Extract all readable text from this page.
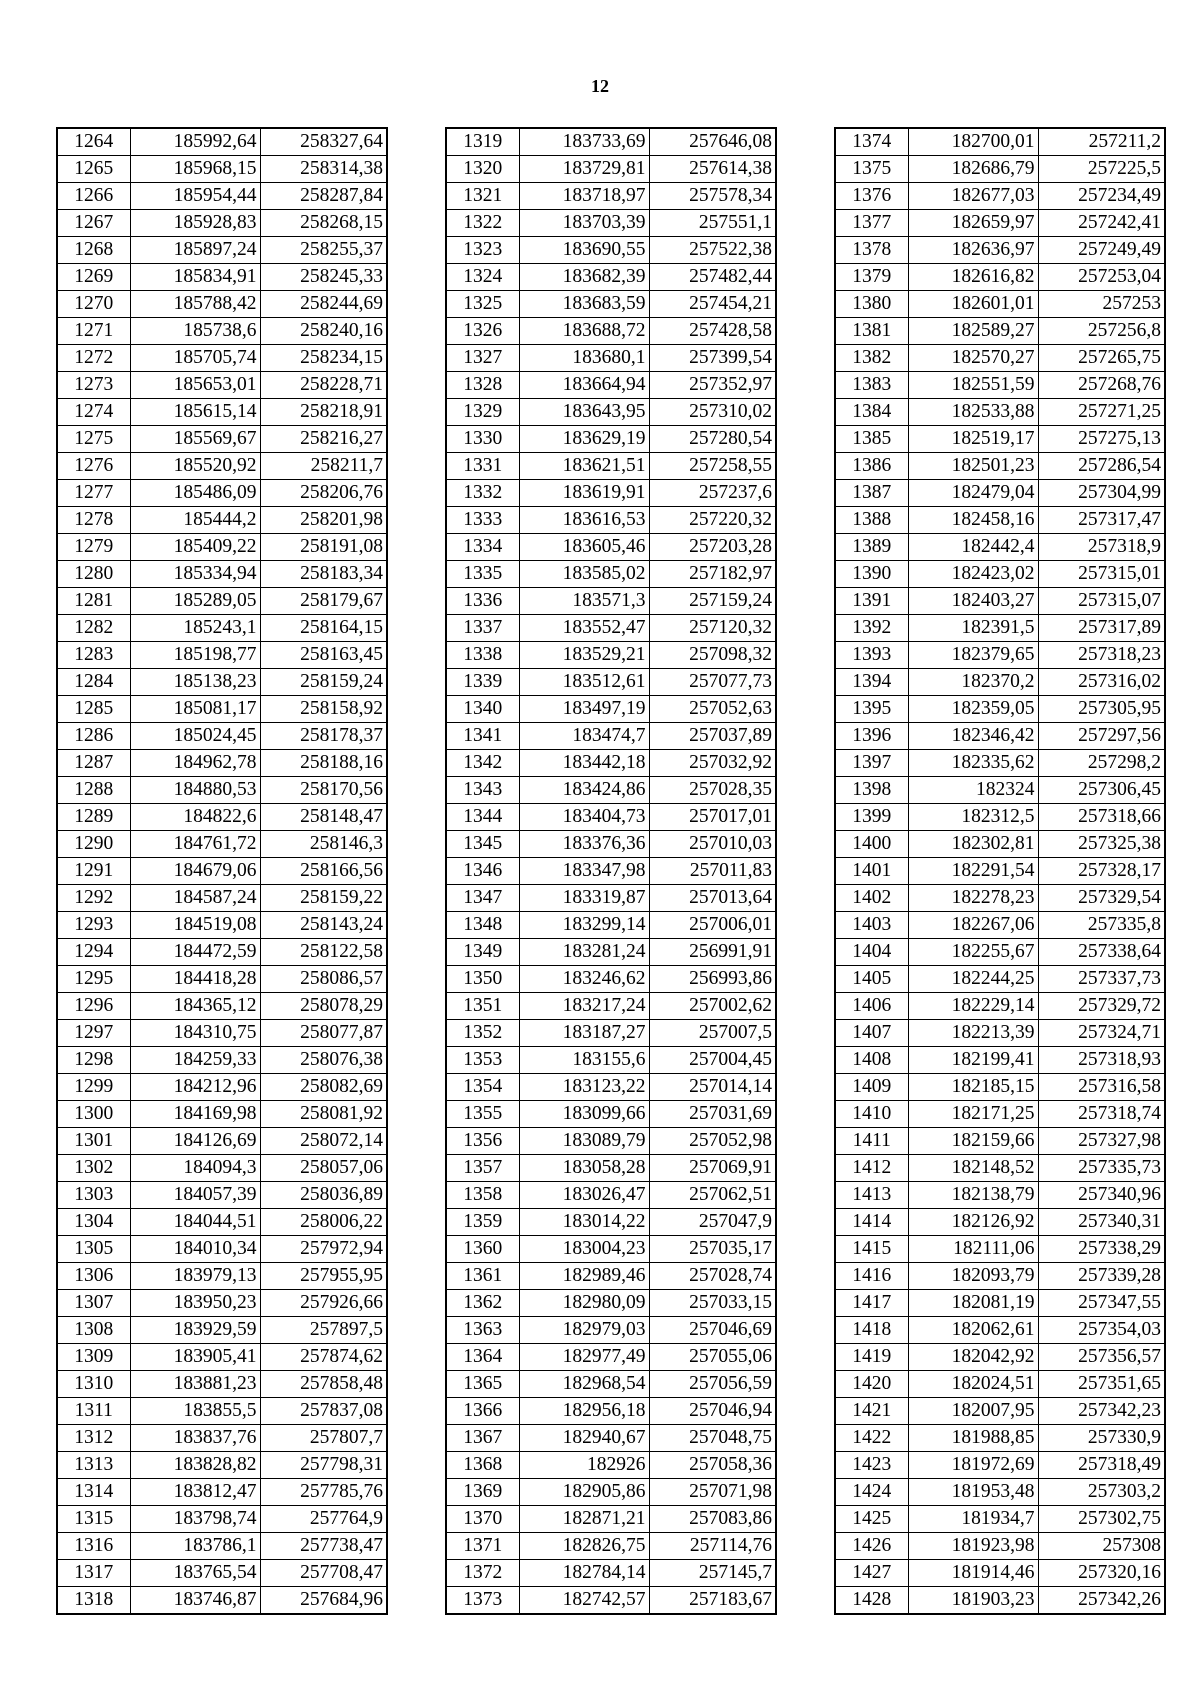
12
1264	185992,64	258327,64
1265	185968,15	258314,38
1266	185954,44	258287,84
1267	185928,83	258268,15
1268	185897,24	258255,37
1269	185834,91	258245,33
1270	185788,42	258244,69
1271	185738,6	258240,16
1272	185705,74	258234,15
1273	185653,01	258228,71
1274	185615,14	258218,91
1275	185569,67	258216,27
1276	185520,92	258211,7
1277	185486,09	258206,76
1278	185444,2	258201,98
1279	185409,22	258191,08
1280	185334,94	258183,34
1281	185289,05	258179,67
1282	185243,1	258164,15
1283	185198,77	258163,45
1284	185138,23	258159,24
1285	185081,17	258158,92
1286	185024,45	258178,37
1287	184962,78	258188,16
1288	184880,53	258170,56
1289	184822,6	258148,47
1290	184761,72	258146,3
1291	184679,06	258166,56
1292	184587,24	258159,22
1293	184519,08	258143,24
1294	184472,59	258122,58
1295	184418,28	258086,57
1296	184365,12	258078,29
1297	184310,75	258077,87
1298	184259,33	258076,38
1299	184212,96	258082,69
1300	184169,98	258081,92
1301	184126,69	258072,14
1302	184094,3	258057,06
1303	184057,39	258036,89
1304	184044,51	258006,22
1305	184010,34	257972,94
1306	183979,13	257955,95
1307	183950,23	257926,66
1308	183929,59	257897,5
1309	183905,41	257874,62
1310	183881,23	257858,48
1311	183855,5	257837,08
1312	183837,76	257807,7
1313	183828,82	257798,31
1314	183812,47	257785,76
1315	183798,74	257764,9
1316	183786,1	257738,47
1317	183765,54	257708,47
1318	183746,87	257684,96
1319	183733,69	257646,08
1320	183729,81	257614,38
1321	183718,97	257578,34
1322	183703,39	257551,1
1323	183690,55	257522,38
1324	183682,39	257482,44
1325	183683,59	257454,21
1326	183688,72	257428,58
1327	183680,1	257399,54
1328	183664,94	257352,97
1329	183643,95	257310,02
1330	183629,19	257280,54
1331	183621,51	257258,55
1332	183619,91	257237,6
1333	183616,53	257220,32
1334	183605,46	257203,28
1335	183585,02	257182,97
1336	183571,3	257159,24
1337	183552,47	257120,32
1338	183529,21	257098,32
1339	183512,61	257077,73
1340	183497,19	257052,63
1341	183474,7	257037,89
1342	183442,18	257032,92
1343	183424,86	257028,35
1344	183404,73	257017,01
1345	183376,36	257010,03
1346	183347,98	257011,83
1347	183319,87	257013,64
1348	183299,14	257006,01
1349	183281,24	256991,91
1350	183246,62	256993,86
1351	183217,24	257002,62
1352	183187,27	257007,5
1353	183155,6	257004,45
1354	183123,22	257014,14
1355	183099,66	257031,69
1356	183089,79	257052,98
1357	183058,28	257069,91
1358	183026,47	257062,51
1359	183014,22	257047,9
1360	183004,23	257035,17
1361	182989,46	257028,74
1362	182980,09	257033,15
1363	182979,03	257046,69
1364	182977,49	257055,06
1365	182968,54	257056,59
1366	182956,18	257046,94
1367	182940,67	257048,75
1368	182926	257058,36
1369	182905,86	257071,98
1370	182871,21	257083,86
1371	182826,75	257114,76
1372	182784,14	257145,7
1373	182742,57	257183,67
1374	182700,01	257211,2
1375	182686,79	257225,5
1376	182677,03	257234,49
1377	182659,97	257242,41
1378	182636,97	257249,49
1379	182616,82	257253,04
1380	182601,01	257253
1381	182589,27	257256,8
1382	182570,27	257265,75
1383	182551,59	257268,76
1384	182533,88	257271,25
1385	182519,17	257275,13
1386	182501,23	257286,54
1387	182479,04	257304,99
1388	182458,16	257317,47
1389	182442,4	257318,9
1390	182423,02	257315,01
1391	182403,27	257315,07
1392	182391,5	257317,89
1393	182379,65	257318,23
1394	182370,2	257316,02
1395	182359,05	257305,95
1396	182346,42	257297,56
1397	182335,62	257298,2
1398	182324	257306,45
1399	182312,5	257318,66
1400	182302,81	257325,38
1401	182291,54	257328,17
1402	182278,23	257329,54
1403	182267,06	257335,8
1404	182255,67	257338,64
1405	182244,25	257337,73
1406	182229,14	257329,72
1407	182213,39	257324,71
1408	182199,41	257318,93
1409	182185,15	257316,58
1410	182171,25	257318,74
1411	182159,66	257327,98
1412	182148,52	257335,73
1413	182138,79	257340,96
1414	182126,92	257340,31
1415	182111,06	257338,29
1416	182093,79	257339,28
1417	182081,19	257347,55
1418	182062,61	257354,03
1419	182042,92	257356,57
1420	182024,51	257351,65
1421	182007,95	257342,23
1422	181988,85	257330,9
1423	181972,69	257318,49
1424	181953,48	257303,2
1425	181934,7	257302,75
1426	181923,98	257308
1427	181914,46	257320,16
1428	181903,23	257342,26
